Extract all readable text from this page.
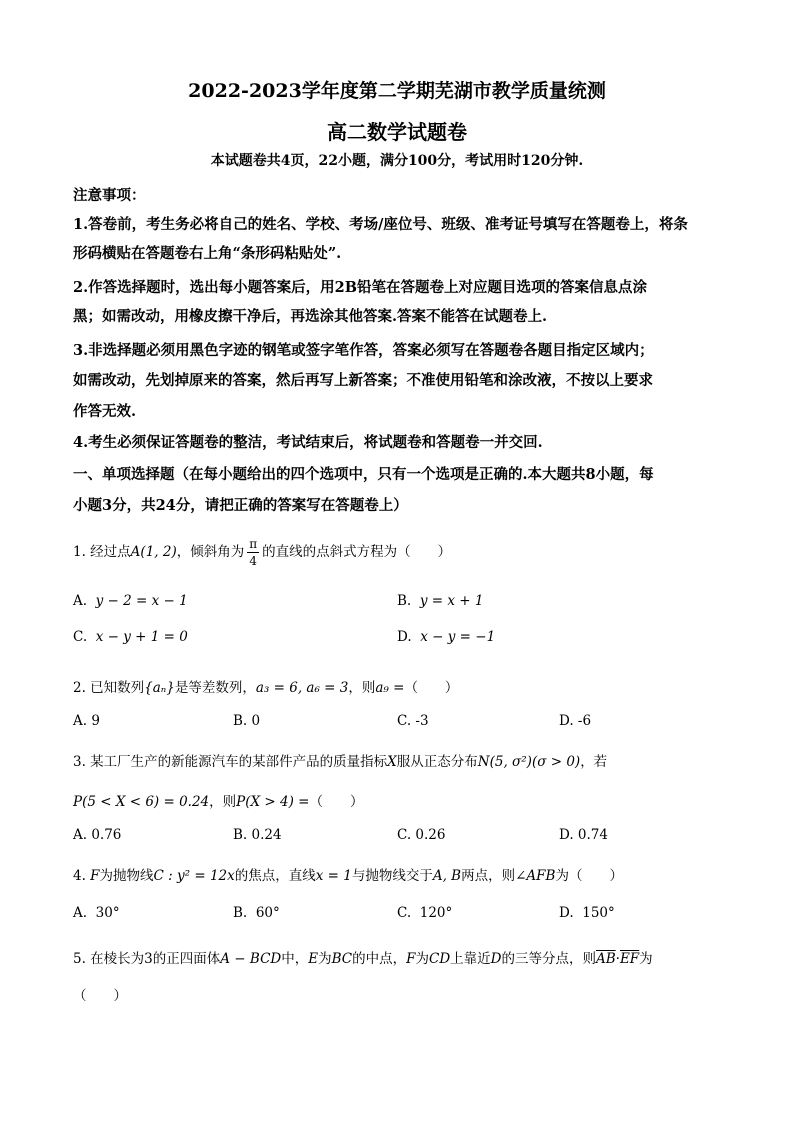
2022-2023学年度第二学期芜湖市教学质量统测
高二数学试题卷
本试题卷共4页，22小题，满分100分，考试用时120分钟.
注意事项：
1.答卷前，考生务必将自己的姓名、学校、考场/座位号、班级、准考证号填写在答题卷上，将条
形码横贴在答题卷右上角“条形码粘贴处”.
2.作答选择题时，选出每小题答案后，用2B铅笔在答题卷上对应题目选项的答案信息点涂
黑；如需改动，用橡皮擦干净后，再选涂其他答案.答案不能答在试题卷上.
3.非选择题必须用黑色字迹的钢笔或签字笔作答，答案必须写在答题卷各题目指定区域内；
如需改动，先划掉原来的答案，然后再写上新答案；不准使用铅笔和涂改液，不按以上要求
作答无效.
4.考生必须保证答题卷的整洁，考试结束后，将试题卷和答题卷一并交回.
一、单项选择题（在每小题给出的四个选项中，只有一个选项是正确的.本大题共8小题，每
小题3分，共24分，请把正确的答案写在答题卷上）
1. 经过点A(1, 2)，倾斜角为 $\frac{\pi}{4}$ 的直线的点斜式方程为（　　）
A. y − 2 = x − 1	B. y = x + 1
C. x − y + 1 = 0	D. x − y = −1
2. 已知数列{aₙ}是等差数列，a₃ = 6, a₆ = 3，则a₉ =（　　）
A. 9	B. 0	C. -3	D. -6
3. 某工厂生产的新能源汽车的某部件产品的质量指标X服从正态分布N(5, σ²)(σ > 0)，若
P(5 < X < 6) = 0.24，则P(X > 4) =（　　）
A. 0.76	B. 0.24	C. 0.26	D. 0.74
4. F为抛物线C : y² = 12x的焦点，直线x = 1与抛物线交于A, B两点，则∠AFB为（　　）
A. 30°	B. 60°	C. 120°	D. 150°
5. 在棱长为3的正四面体A − BCD中，E为BC的中点，F为CD上靠近D的三等分点，则$\overline{AB}\cdot\overline{EF}$为
（　　）
